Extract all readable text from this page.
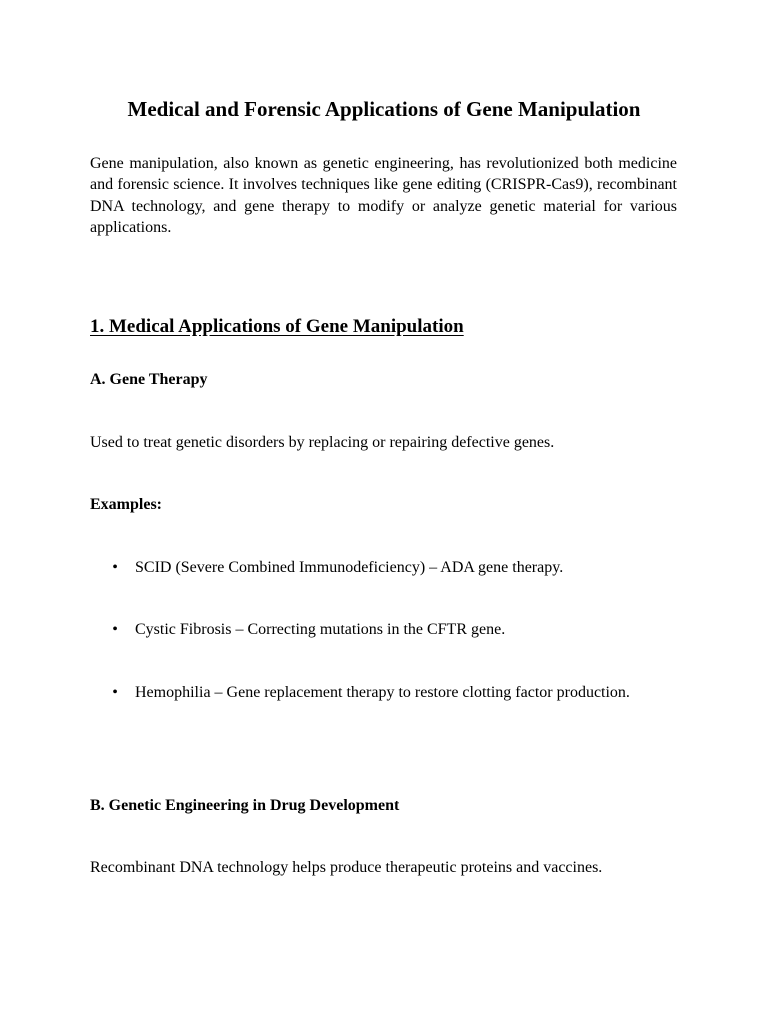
Medical and Forensic Applications of Gene Manipulation

Gene manipulation, also known as genetic engineering, has revolutionized both medicine and forensic science. It involves techniques like gene editing (CRISPR-Cas9), recombinant DNA technology, and gene therapy to modify or analyze genetic material for various applications.

1. Medical Applications of Gene Manipulation
A. Gene Therapy

Used to treat genetic disorders by replacing or repairing defective genes.

Examples:

• SCID (Severe Combined Immunodeficiency) – ADA gene therapy.
• Cystic Fibrosis – Correcting mutations in the CFTR gene.
• Hemophilia – Gene replacement therapy to restore clotting factor production.
B. Genetic Engineering in Drug Development

Recombinant DNA technology helps produce therapeutic proteins and vaccines.
